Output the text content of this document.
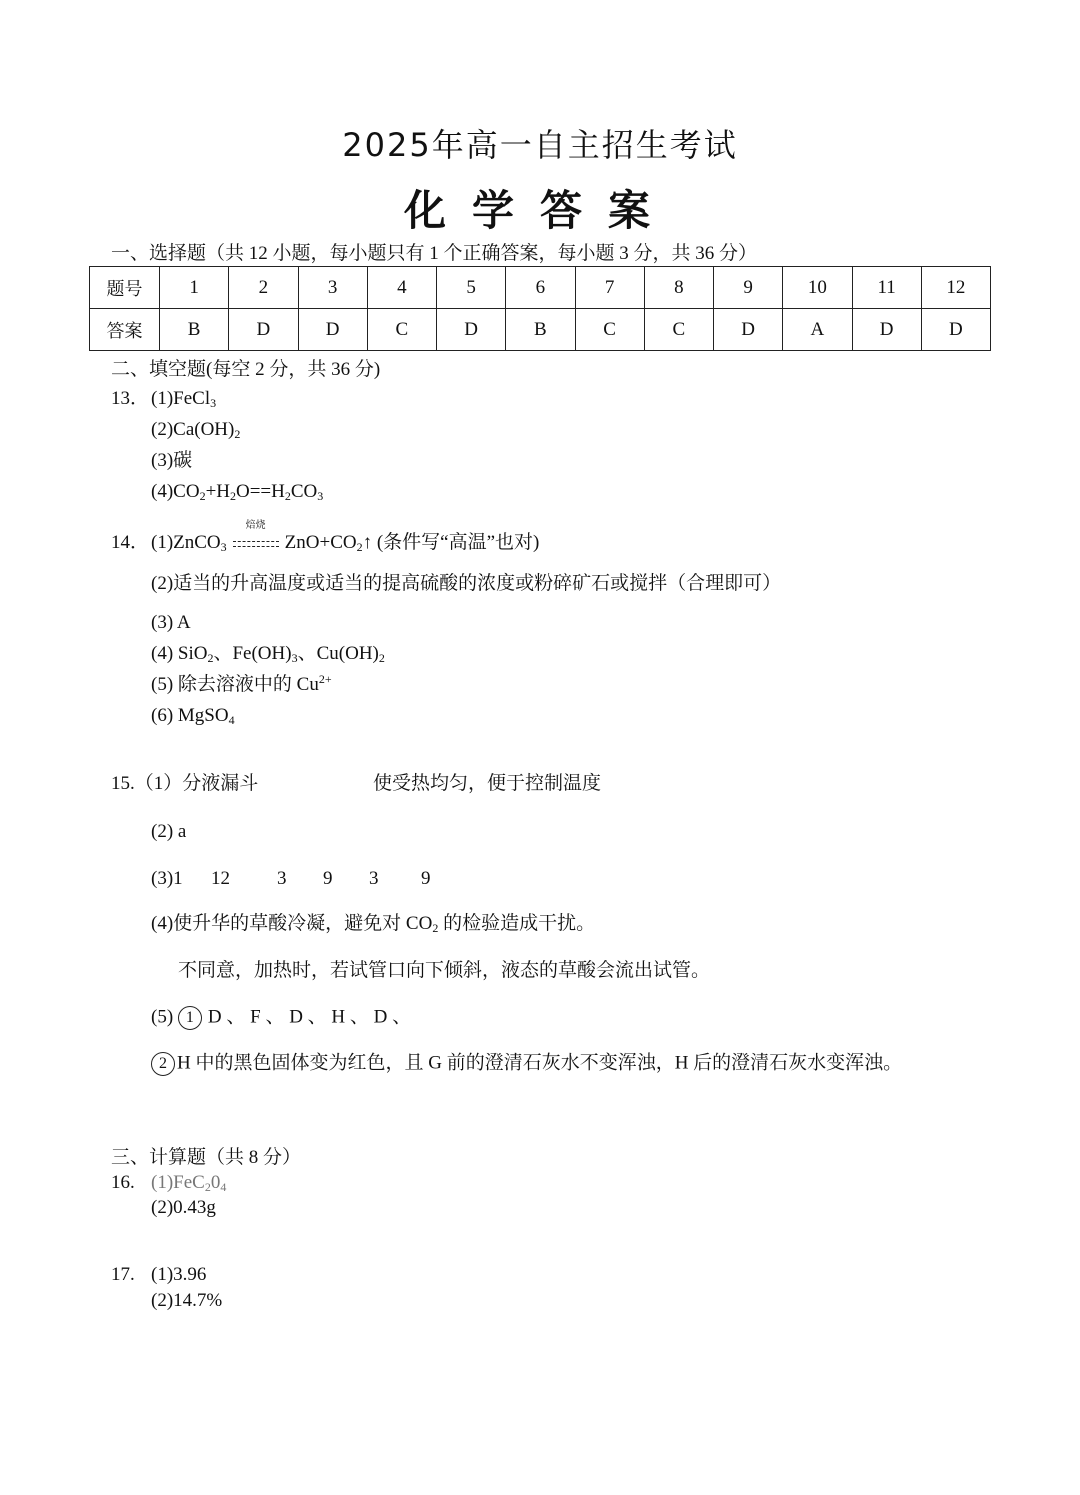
2025年高一自主招生考试
化学答案
一、选择题（共 12 小题，每小题只有 1 个正确答案，每小题 3 分，共 36 分）
题号	1	2	3	4	5	6	7	8	9	10	11	12
答案	B	D	D	C	D	B	C	C	D	A	D	D
二、填空题(每空 2 分，共 36 分)
13． (1)FeCl$_3$
$(2)Ca(OH)_2$
(3)碳
$(4)CO_2+H_2O==H_2CO_3$
14． (1)ZnCO$_3$
焙烧
$ZnO+CO_2↑$ (条件写“高温”也对)
(2)适当的升高温度或适当的提高硫酸的浓度或粉碎矿石或搅拌（合理即可）
(3) A
(4) SiO$_2$、$Fe(OH)_3$、$Cu(OH)_2$
(5) 除去溶液中的 $Cu^{2+}$
(6) MgSO$_4$
15.（1）分液漏斗	使受热均匀，便于控制温度
(2) a
(3)1 12 3 9 3 9
(4)使升华的草酸冷凝，避免对 $CO_2$ 的检验造成干扰。
不同意，加热时，若试管口向下倾斜，液态的草酸会流出试管。
(5) 1 D 、 F 、 D 、 H 、 D 、
2 H 中的黑色固体变为红色，且 G 前的澄清石灰水不变浑浊，H 后的澄清石灰水变浑浊。
三、计算题（共 8 分）
16. $(1)FeC_20_4$
(2)0.43g
17. (1)3.96
(2)14.7%
